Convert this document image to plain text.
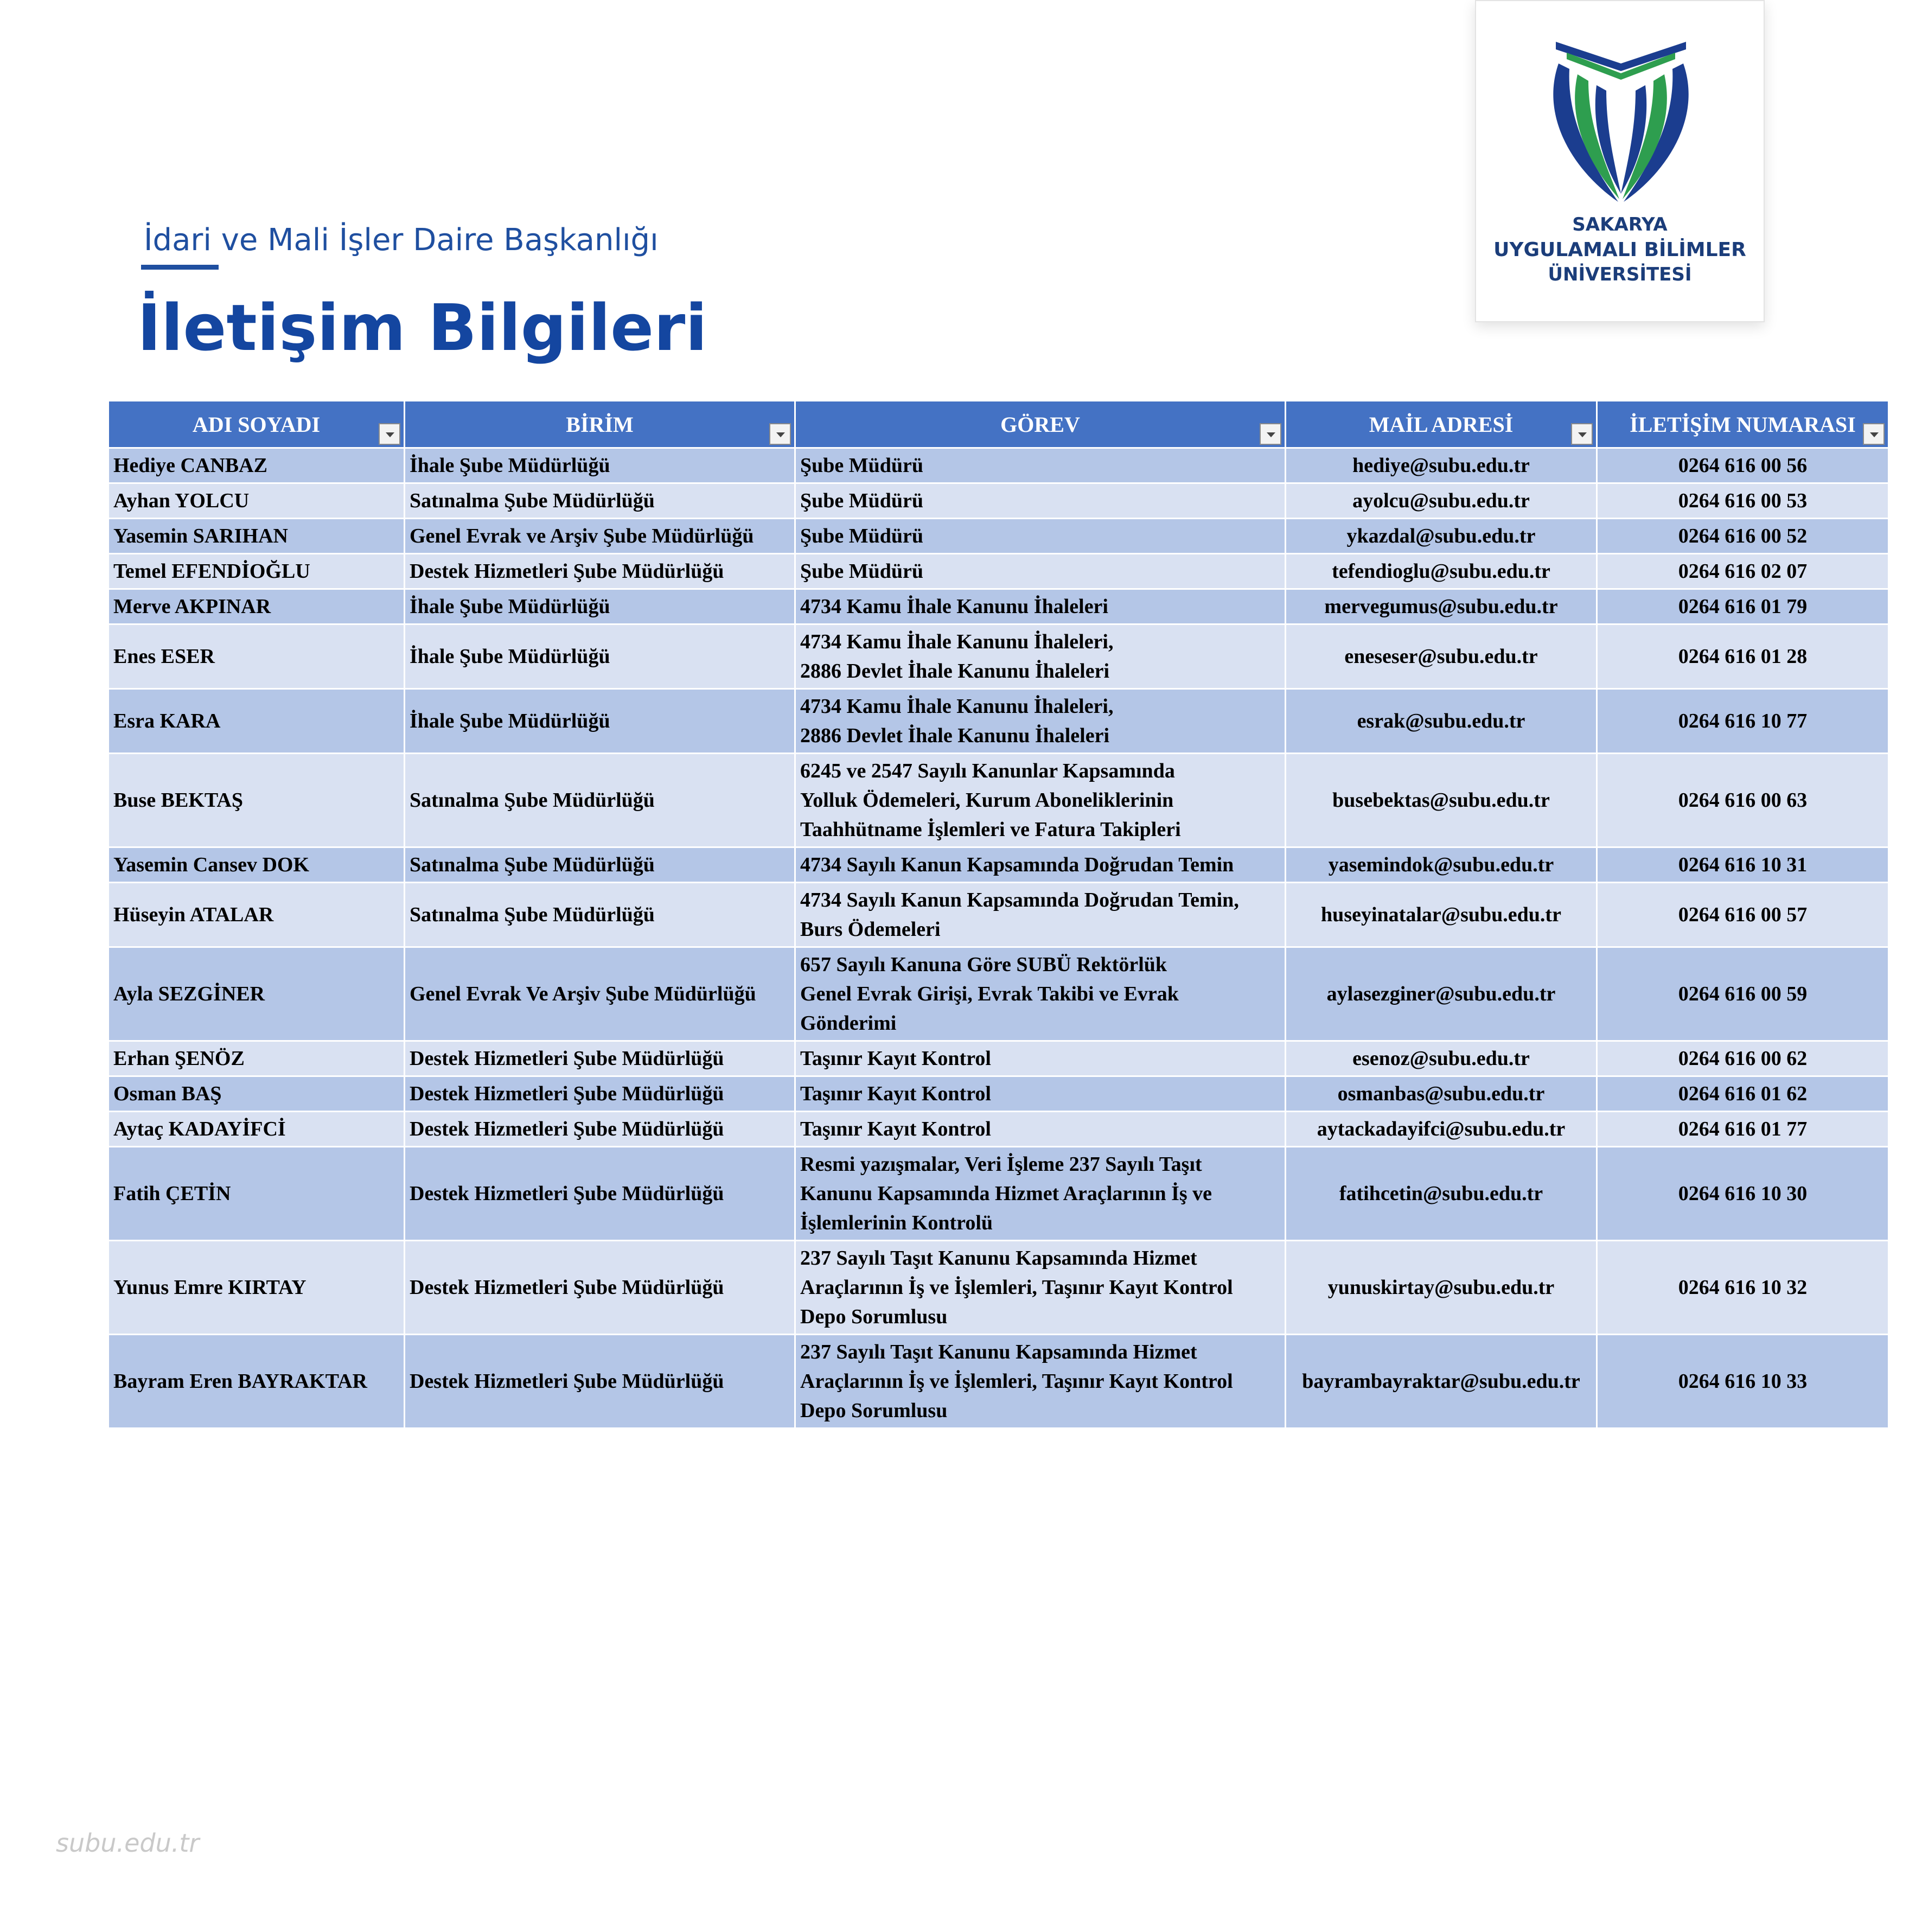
SAKARYA
UYGULAMALI BİLİMLER
ÜNİVERSİTESİ
İdari ve Mali İşler Daire Başkanlığı
İletişim Bilgileri
ADI SOYADI	BİRİM	GÖREV	MAİL ADRESİ	İLETİŞİM NUMARASI

Hediye CANBAZ	İhale Şube Müdürlüğü	Şube Müdürü	hediye@subu.edu.tr	0264 616 00 56
Ayhan YOLCU	Satınalma Şube Müdürlüğü	Şube Müdürü	ayolcu@subu.edu.tr	0264 616 00 53
Yasemin SARIHAN	Genel Evrak ve Arşiv Şube Müdürlüğü	Şube Müdürü	ykazdal@subu.edu.tr	0264 616 00 52
Temel EFENDİOĞLU	Destek Hizmetleri Şube Müdürlüğü	Şube Müdürü	tefendioglu@subu.edu.tr	0264 616 02 07
Merve AKPINAR	İhale Şube Müdürlüğü	4734 Kamu İhale Kanunu İhaleleri	mervegumus@subu.edu.tr	0264 616 01 79
Enes ESER	İhale Şube Müdürlüğü	4734 Kamu İhale Kanunu İhaleleri,
2886 Devlet İhale Kanunu İhaleleri	eneseser@subu.edu.tr	0264 616 01 28
Esra KARA	İhale Şube Müdürlüğü	4734 Kamu İhale Kanunu İhaleleri,
2886 Devlet İhale Kanunu İhaleleri	esrak@subu.edu.tr	0264 616 10 77
Buse BEKTAŞ	Satınalma Şube Müdürlüğü	6245 ve 2547 Sayılı Kanunlar Kapsamında
Yolluk Ödemeleri, Kurum Aboneliklerinin
Taahhütname İşlemleri ve Fatura Takipleri	busebektas@subu.edu.tr	0264 616 00 63
Yasemin Cansev DOK	Satınalma Şube Müdürlüğü	4734 Sayılı Kanun Kapsamında Doğrudan Temin	yasemindok@subu.edu.tr	0264 616 10 31
Hüseyin ATALAR	Satınalma Şube Müdürlüğü	4734 Sayılı Kanun Kapsamında Doğrudan Temin,
Burs Ödemeleri	huseyinatalar@subu.edu.tr	0264 616 00 57
Ayla SEZGİNER	Genel Evrak Ve Arşiv Şube Müdürlüğü	657 Sayılı Kanuna Göre SUBÜ Rektörlük
Genel Evrak Girişi, Evrak Takibi ve Evrak
Gönderimi	aylasezginer@subu.edu.tr	0264 616 00 59
Erhan ŞENÖZ	Destek Hizmetleri Şube Müdürlüğü	Taşınır Kayıt Kontrol	esenoz@subu.edu.tr	0264 616 00 62
Osman BAŞ	Destek Hizmetleri Şube Müdürlüğü	Taşınır Kayıt Kontrol	osmanbas@subu.edu.tr	0264 616 01 62
Aytaç KADAYİFCİ	Destek Hizmetleri Şube Müdürlüğü	Taşınır Kayıt Kontrol	aytackadayifci@subu.edu.tr	0264 616 01 77
Fatih ÇETİN	Destek Hizmetleri Şube Müdürlüğü	Resmi yazışmalar, Veri İşleme 237 Sayılı Taşıt
Kanunu Kapsamında Hizmet Araçlarının İş ve
İşlemlerinin Kontrolü	fatihcetin@subu.edu.tr	0264 616 10 30
Yunus Emre KIRTAY	Destek Hizmetleri Şube Müdürlüğü	237 Sayılı Taşıt Kanunu Kapsamında Hizmet
Araçlarının İş ve İşlemleri, Taşınır Kayıt Kontrol
Depo Sorumlusu	yunuskirtay@subu.edu.tr	0264 616 10 32
Bayram Eren BAYRAKTAR	Destek Hizmetleri Şube Müdürlüğü	237 Sayılı Taşıt Kanunu Kapsamında Hizmet
Araçlarının İş ve İşlemleri, Taşınır Kayıt Kontrol
Depo Sorumlusu	bayrambayraktar@subu.edu.tr	0264 616 10 33
subu.edu.tr
